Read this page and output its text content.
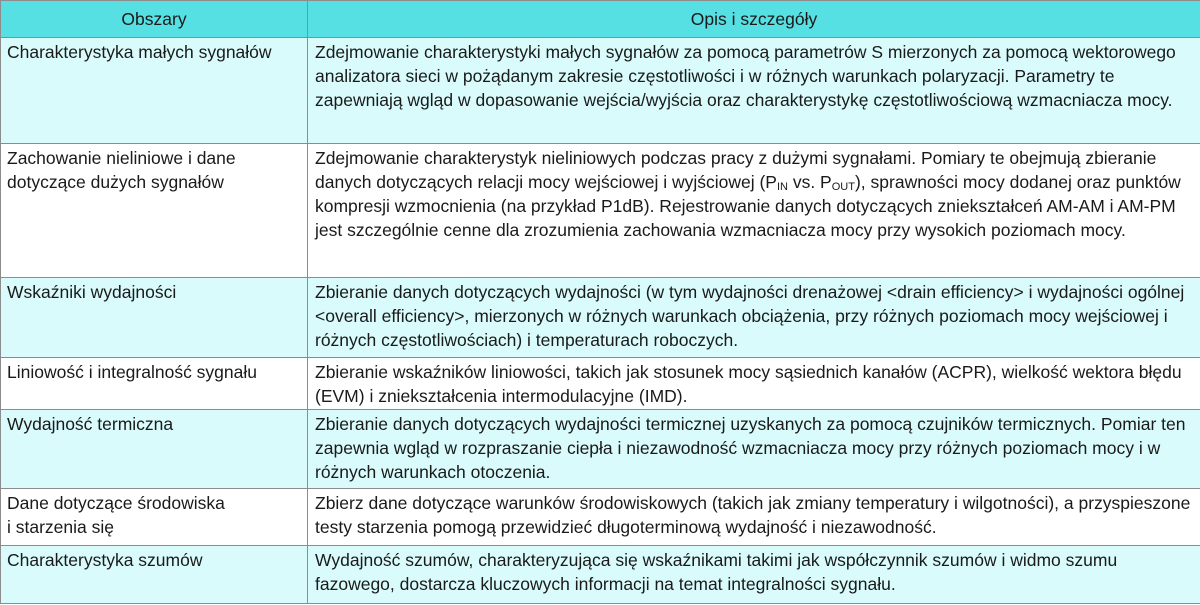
Obszary	Opis i szczegóły
Charakterystyka małych sygnałów	Zdejmowanie charakterystyki małych sygnałów za pomocą parametrów S mierzonych za pomocą wektorowego analizatora sieci w pożądanym zakresie częstotliwości i w różnych warunkach polaryzacji. Parametry te zapewniają wgląd w dopasowanie wejścia/wyjścia oraz charakterystykę częstotliwościową wzmacniacza mocy.
Zachowanie nieliniowe i dane dotyczące dużych sygnałów	Zdejmowanie charakterystyk nieliniowych podczas pracy z dużymi sygnałami. Pomiary te obejmują zbieranie danych dotyczących relacji mocy wejściowej i wyjściowej ($P_{IN}$ vs. $P_{OUT}$), sprawności mocy dodanej oraz punktów kompresji wzmocnienia (na przykład P1dB). Rejestrowanie danych dotyczących zniekształceń AM-AM i AM-PM jest szczególnie cenne dla zrozumienia zachowania wzmacniacza mocy przy wysokich poziomach mocy.
Wskaźniki wydajności	Zbieranie danych dotyczących wydajności (w tym wydajności drenażowej <drain efficiency> i wydajności ogólnej <overall efficiency>, mierzonych w różnych warunkach obciążenia, przy różnych poziomach mocy wejściowej i różnych częstotliwościach) i temperaturach roboczych.
Liniowość i integralność sygnału	Zbieranie wskaźników liniowości, takich jak stosunek mocy sąsiednich kanałów (ACPR), wielkość wektora błędu (EVM) i zniekształcenia intermodulacyjne (IMD).
Wydajność termiczna	Zbieranie danych dotyczących wydajności termicznej uzyskanych za pomocą czujników termicznych. Pomiar ten zapewnia wgląd w rozpraszanie ciepła i niezawodność wzmacniacza mocy przy różnych poziomach mocy i w różnych warunkach otoczenia.
Dane dotyczące środowiska
i starzenia się	Zbierz dane dotyczące warunków środowiskowych (takich jak zmiany temperatury i wilgotności), a przyspieszone testy starzenia pomogą przewidzieć długoterminową wydajność i niezawodność.
Charakterystyka szumów	Wydajność szumów, charakteryzująca się wskaźnikami takimi jak współczynnik szumów i widmo szumu fazowego, dostarcza kluczowych informacji na temat integralności sygnału.
